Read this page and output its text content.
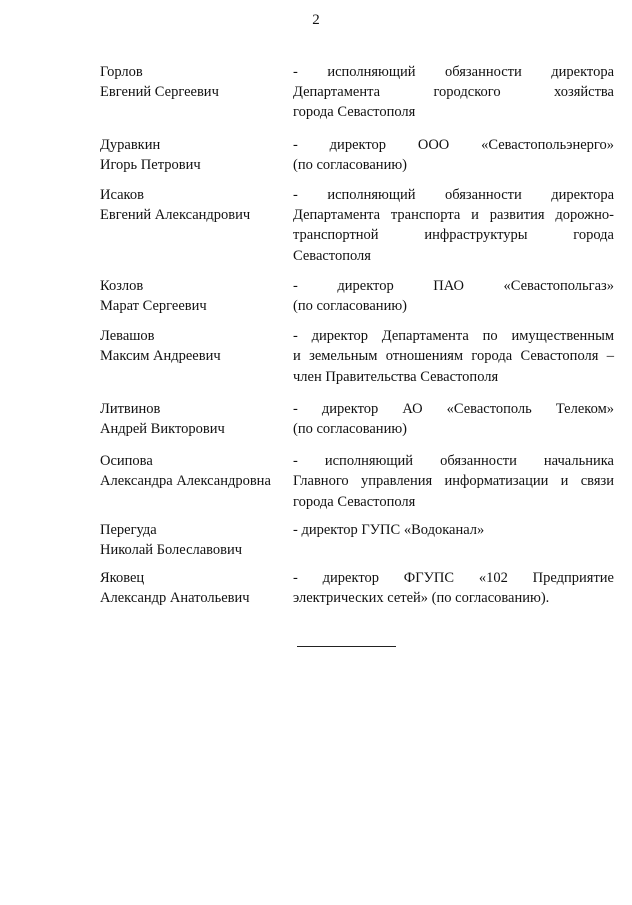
2
Горлов
Евгений Сергеевич
- исполняющий обязанности директора
Департамента городского хозяйства
города Севастополя
Дуравкин
Игорь Петрович
- директор ООО «Севастопольэнерго»
(по согласованию)
Исаков
Евгений Александрович
- исполняющий обязанности директора
Департамента транспорта и развития дорожно-
транспортной инфраструктуры города
Севастополя
Козлов
Марат Сергеевич
- директор ПАО «Севастопольгаз»
(по согласованию)
Левашов
Максим Андреевич
- директор Департамента по имущественным
и земельным отношениям города Севастополя –
член Правительства Севастополя
Литвинов
Андрей Викторович
- директор АО «Севастополь Телеком»
(по согласованию)
Осипова
Александра Александровна
- исполняющий обязанности начальника
Главного управления информатизации и связи
города Севастополя
Перегуда
Николай Болеславович
- директор ГУПС «Водоканал»
Яковец
Александр Анатольевич
- директор ФГУПС «102 Предприятие
электрических сетей» (по согласованию).
